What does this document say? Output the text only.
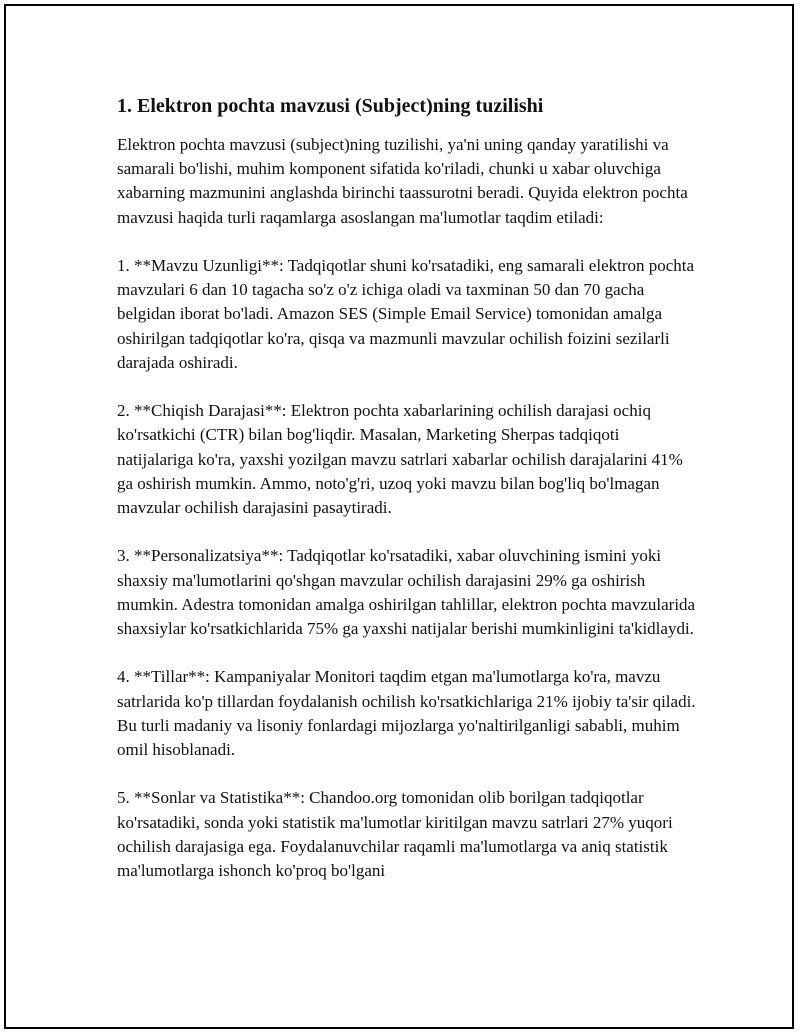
1. Elektron pochta mavzusi (Subject)ning tuzilishi

Elektron pochta mavzusi (subject)ning tuzilishi, ya'ni uning qanday yaratilishi va samarali bo'lishi, muhim komponent sifatida ko'riladi, chunki u xabar oluvchiga xabarning mazmunini anglashda birinchi taassurotni beradi. Quyida elektron pochta mavzusi haqida turli raqamlarga asoslangan ma'lumotlar taqdim etiladi:

1. **Mavzu Uzunligi**: Tadqiqotlar shuni ko'rsatadiki, eng samarali elektron pochta mavzulari 6 dan 10 tagacha so'z o'z ichiga oladi va taxminan 50 dan 70 gacha belgidan iborat bo'ladi. Amazon SES (Simple Email Service) tomonidan amalga oshirilgan tadqiqotlar ko'ra, qisqa va mazmunli mavzular ochilish foizini sezilarli darajada oshiradi.

2. **Chiqish Darajasi**: Elektron pochta xabarlarining ochilish darajasi ochiq ko'rsatkichi (CTR) bilan bog'liqdir. Masalan, Marketing Sherpas tadqiqoti natijalariga ko'ra, yaxshi yozilgan mavzu satrlari xabarlar ochilish darajalarini 41% ga oshirish mumkin. Ammo, noto'g'ri, uzoq yoki mavzu bilan bog'liq bo'lmagan mavzular ochilish darajasini pasaytiradi.

3. **Personalizatsiya**: Tadqiqotlar ko'rsatadiki, xabar oluvchining ismini yoki shaxsiy ma'lumotlarini qo'shgan mavzular ochilish darajasini 29% ga oshirish mumkin. Adestra tomonidan amalga oshirilgan tahlillar, elektron pochta mavzularida shaxsiylar ko'rsatkichlarida 75% ga yaxshi natijalar berishi mumkinligini ta'kidlaydi.

4. **Tillar**: Kampaniyalar Monitori taqdim etgan ma'lumotlarga ko'ra, mavzu satrlarida ko'p tillardan foydalanish ochilish ko'rsatkichlariga 21% ijobiy ta'sir qiladi. Bu turli madaniy va lisoniy fonlardagi mijozlarga yo'naltirilganligi sababli, muhim omil hisoblanadi.

5. **Sonlar va Statistika**: Chandoo.org tomonidan olib borilgan tadqiqotlar ko'rsatadiki, sonda yoki statistik ma'lumotlar kiritilgan mavzu satrlari 27% yuqori ochilish darajasiga ega. Foydalanuvchilar raqamli ma'lumotlarga va aniq statistik ma'lumotlarga ishonch ko'proq bo'lgani
